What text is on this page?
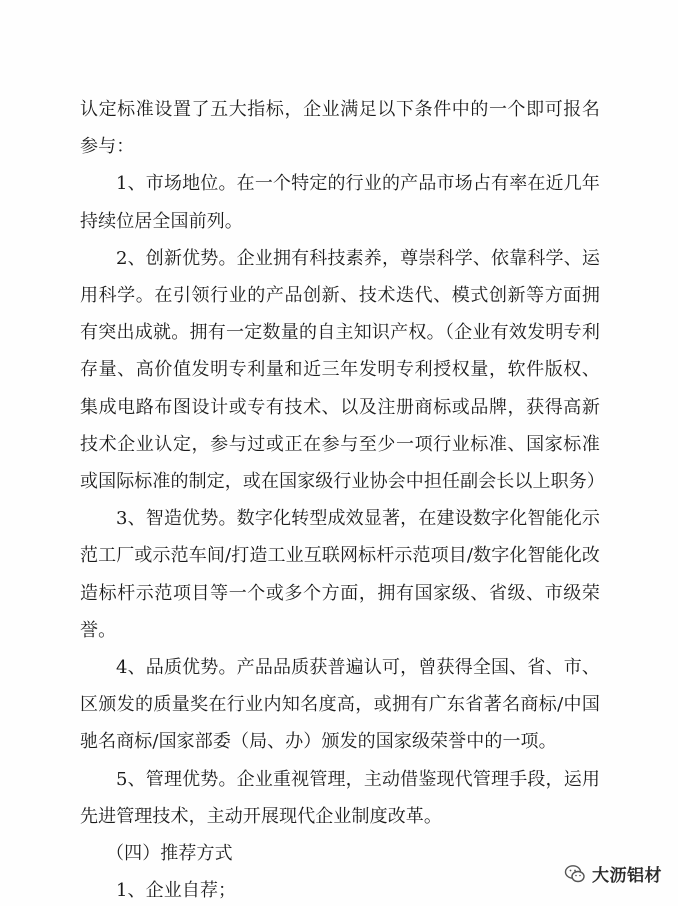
认定标准设置了五大指标，企业满足以下条件中的一个即可报名参与：

1、市场地位。在一个特定的行业的产品市场占有率在近几年持续位居全国前列。

2、创新优势。企业拥有科技素养，尊崇科学、依靠科学、运用科学。在引领行业的产品创新、技术迭代、模式创新等方面拥有突出成就。拥有一定数量的自主知识产权。（企业有效发明专利存量、高价值发明专利量和近三年发明专利授权量，软件版权、集成电路布图设计或专有技术、以及注册商标或品牌，获得高新技术企业认定，参与过或正在参与至少一项行业标准、国家标准或国际标准的制定，或在国家级行业协会中担任副会长以上职务）

3、智造优势。数字化转型成效显著，在建设数字化智能化示范工厂或示范车间/打造工业互联网标杆示范项目/数字化智能化改造标杆示范项目等一个或多个方面，拥有国家级、省级、市级荣誉。

4、品质优势。产品品质获普遍认可，曾获得全国、省、市、区颁发的质量奖在行业内知名度高，或拥有广东省著名商标/中国驰名商标/国家部委（局、办）颁发的国家级荣誉中的一项。

5、管理优势。企业重视管理，主动借鉴现代管理手段，运用先进管理技术，主动开展现代企业制度改革。

（四）推荐方式

1、企业自荐；

大沥铝材
